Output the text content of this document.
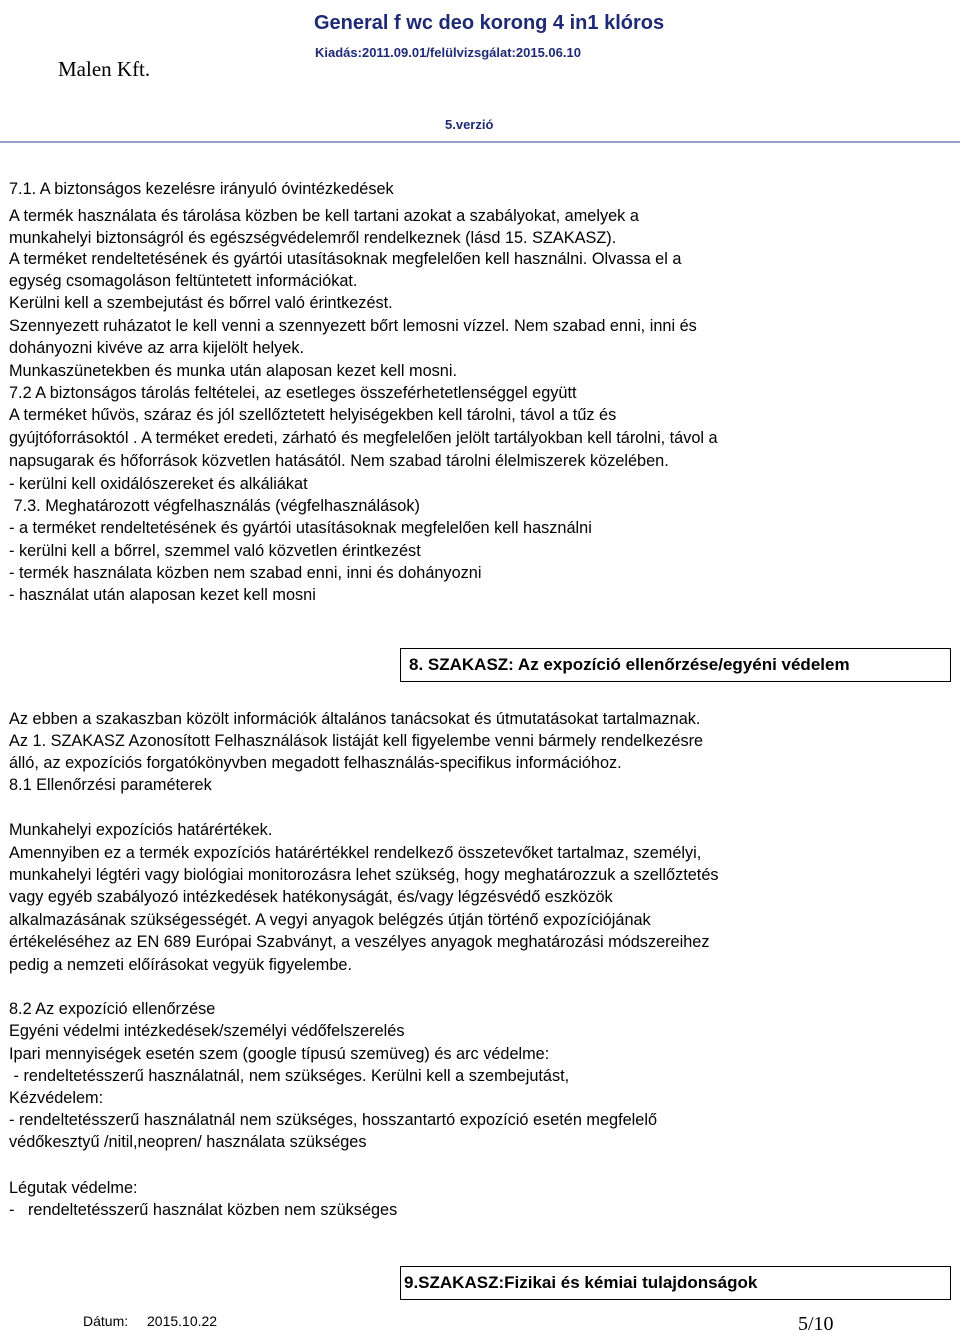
Malen Kft.
General f wc deo korong 4 in1 klóros
Kiadás:2011.09.01/felülvizsgálat:2015.06.10
5.verzió

7.1. A biztonságos kezelésre irányuló óvintézkedések

A termék használata és tárolása közben be kell tartani azokat a szabályokat, amelyek a

munkahelyi biztonságról és egészségvédelemről rendelkeznek (lásd 15. SZAKASZ).

A terméket rendeltetésének és gyártói utasításoknak megfelelően kell használni. Olvassa el a

egység csomagoláson feltüntetett információkat.

Kerülni kell a szembejutást és bőrrel való érintkezést.

Szennyezett ruházatot le kell venni a szennyezett bőrt lemosni vízzel. Nem szabad enni, inni és

dohányozni kivéve az arra kijelölt helyek.

Munkaszünetekben és munka után alaposan kezet kell mosni.

7.2 A biztonságos tárolás feltételei, az esetleges összeférhetetlenséggel együtt

A terméket hűvös, száraz és jól szellőztetett helyiségekben kell tárolni, távol a tűz és

gyújtóforrásoktól . A terméket eredeti, zárható és megfelelően jelölt tartályokban kell tárolni, távol a

napsugarak és hőforrások közvetlen hatásától. Nem szabad tárolni élelmiszerek közelében.

- kerülni kell oxidálószereket és alkáliákat

7.3. Meghatározott végfelhasználás (végfelhasználások)

- a terméket rendeltetésének és gyártói utasításoknak megfelelően kell használni

- kerülni kell a bőrrel, szemmel való közvetlen érintkezést

- termék használata közben nem szabad enni, inni és dohányozni

- használat után alaposan kezet kell mosni

8. SZAKASZ: Az expozíció ellenőrzése/egyéni védelem

Az ebben a szakaszban közölt információk általános tanácsokat és útmutatásokat tartalmaznak.

Az 1. SZAKASZ Azonosított Felhasználások listáját kell figyelembe venni bármely rendelkezésre

álló, az expozíciós forgatókönyvben megadott felhasználás-specifikus információhoz.

8.1 Ellenőrzési paraméterek

Munkahelyi expozíciós határértékek.

Amennyiben ez a termék expozíciós határértékkel rendelkező összetevőket tartalmaz, személyi,

munkahelyi légtéri vagy biológiai monitorozásra lehet szükség, hogy meghatározzuk a szellőztetés

vagy egyéb szabályozó intézkedések hatékonyságát, és/vagy légzésvédő eszközök

alkalmazásának szükségességét. A vegyi anyagok belégzés útján történő expozíciójának

értékeléséhez az EN 689 Európai Szabványt, a veszélyes anyagok meghatározási módszereihez

pedig a nemzeti előírásokat vegyük figyelembe.

8.2 Az expozíció ellenőrzése

Egyéni védelmi intézkedések/személyi védőfelszerelés

Ipari mennyiségek esetén szem (google típusú szemüveg) és arc védelme:

- rendeltetésszerű használatnál, nem szükséges. Kerülni kell a szembejutást,

Kézvédelem:

- rendeltetésszerű használatnál nem szükséges, hosszantartó expozíció esetén megfelelő

védőkesztyű /nitil,neopren/ használata szükséges

Légutak védelme:

-   rendeltetésszerű használat közben nem szükséges

9.SZAKASZ:Fizikai és kémiai tulajdonságok
Dátum: 2015.10.22	5/10
